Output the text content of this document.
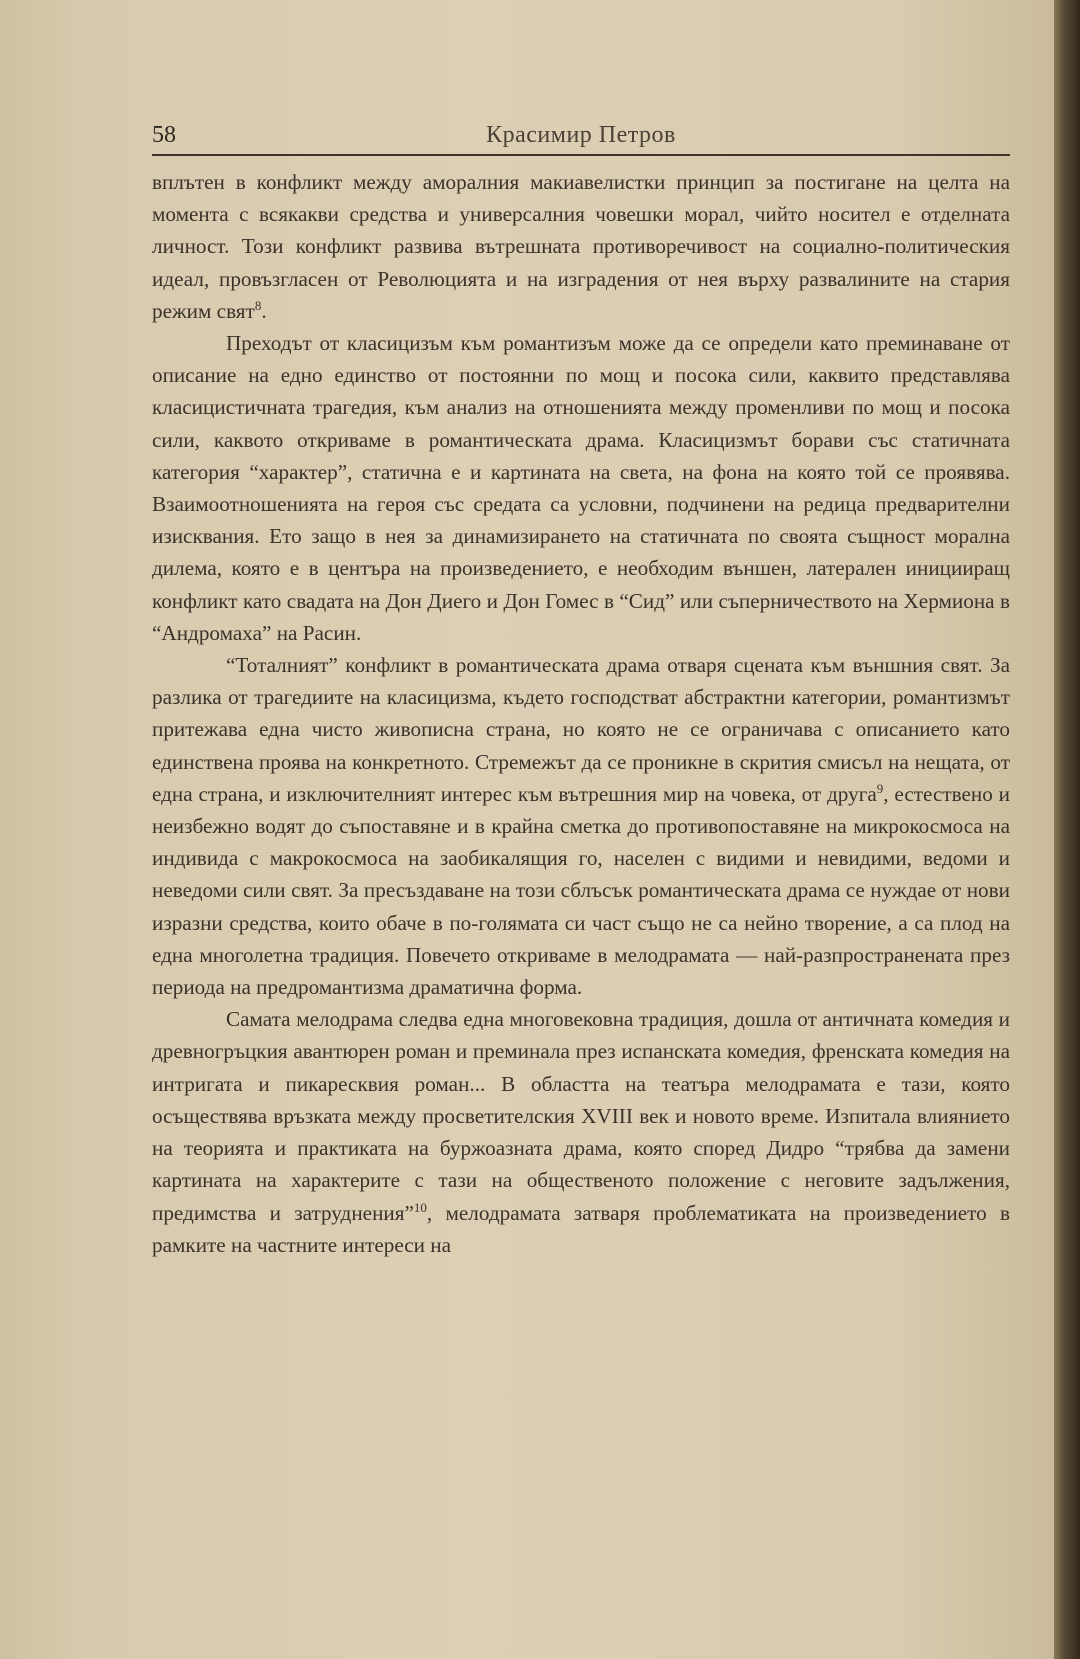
58	Красимир Петров

вплътен в конфликт между аморалния макиавелистки принцип за постигане на целта на момента с всякакви средства и универсалния човешки морал, чийто носител е отделната личност. Този конфликт развива вътрешната противоречивост на социално-политическия идеал, провъзгласен от Революцията и на изградения от нея върху развалините на стария режим свят$^8$.

Преходът от класицизъм към романтизъм може да се определи като преминаване от описание на едно единство от постоянни по мощ и посока сили, каквито представлява класицистичната трагедия, към анализ на отношенията между променливи по мощ и посока сили, каквото откриваме в романтическата драма. Класицизмът борави със статичната категория “характер”, статична е и картината на света, на фона на която той се проявява. Взаимоотношенията на героя със средата са условни, подчинени на редица предварителни изисквания. Ето защо в нея за динамизирането на статичната по своята същност морална дилема, която е в центъра на произведението, е необходим външен, латерален иницииращ конфликт като свадата на Дон Диего и Дон Гомес в “Сид” или съперничеството на Хермиона в “Андромаха” на Расин.

“Тоталният” конфликт в романтическата драма отваря сцената към външния свят. За разлика от трагедиите на класицизма, където господстват абстрактни категории, романтизмът притежава една чисто живописна страна, но която не се ограничава с описанието като единствена проява на конкретното. Стремежът да се проникне в скрития смисъл на нещата, от една страна, и изключителният интерес към вътрешния мир на човека, от друга$^9$, естествено и неизбежно водят до съпоставяне и в крайна сметка до противопоставяне на микрокосмоса на индивида с макрокосмоса на заобикалящия го, населен с видими и невидими, ведоми и неведоми сили свят. За пресъздаване на този сблъсък романтическата драма се нуждае от нови изразни средства, които обаче в по-голямата си част също не са нейно творение, а са плод на една многолетна традиция. Повечето откриваме в мелодрамата — най-разпространената през периода на предромантизма драматична форма.

Самата мелодрама следва една многовековна традиция, дошла от античната комедия и древногръцкия авантюрен роман и преминала през испанската комедия, френската комедия на интригата и пикаресквия роман... В областта на театъра мелодрамата е тази, която осъществява връзката между просветителския XVIII век и новото време. Изпитала влиянието на теорията и практиката на буржоазната драма, която според Дидро “трябва да замени картината на характерите с тази на общественото положение с неговите задължения, предимства и затруднения”$^{10}$, мелодрамата затваря проблематиката на произведението в рамките на частните интереси на
